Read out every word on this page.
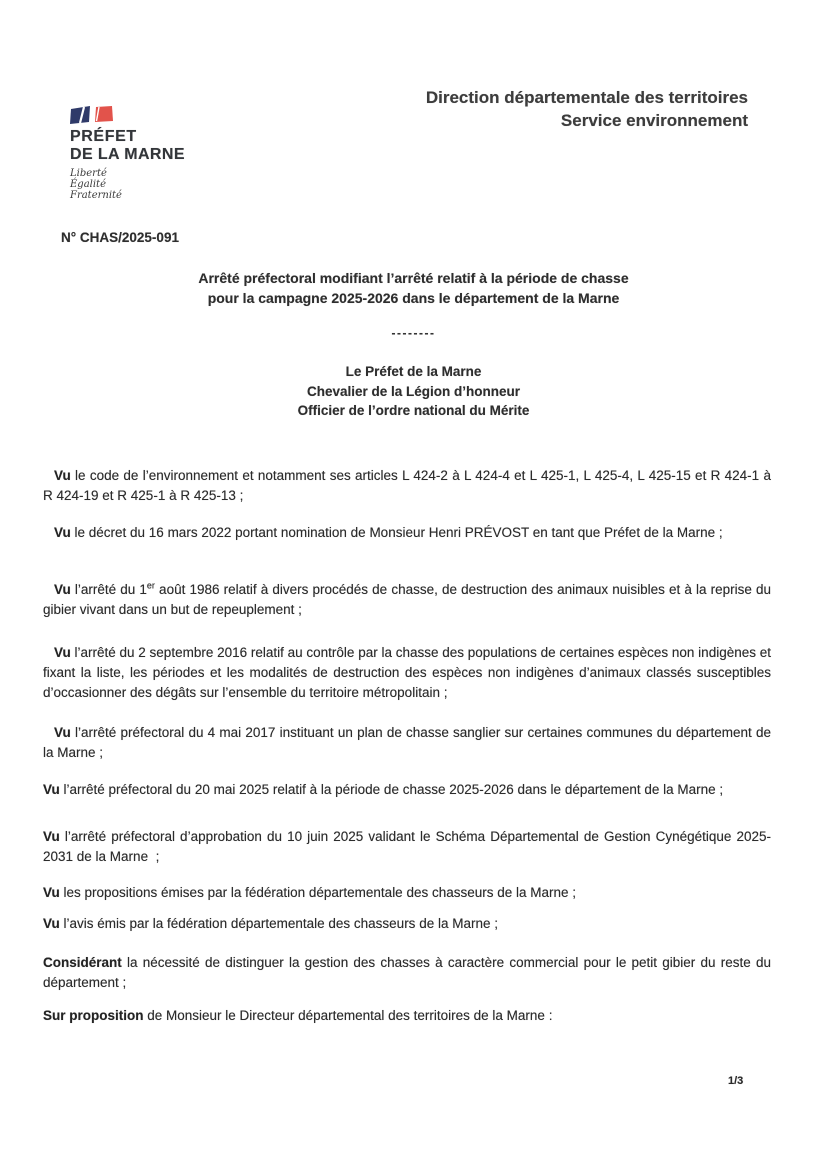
PRÉFET
DE LA MARNE
Liberté
Égalité
Fraternité
Direction départementale des territoires
Service environnement
N° CHAS/2025-091
Arrêté préfectoral modifiant l’arrêté relatif à la période de chasse
pour la campagne 2025-2026 dans le département de la Marne
--------
Le Préfet de la Marne
Chevalier de la Légion d’honneur
Officier de l’ordre national du Mérite

Vu le code de l’environnement et notamment ses articles L 424-2 à L 424-4 et L 425-1, L 425-4, L 425-15 et R 424-1 à R 424-19 et R 425-1 à R 425-13 ;

Vu le décret du 16 mars 2022 portant nomination de Monsieur Henri PRÉVOST en tant que Préfet de la Marne ;

Vu l’arrêté du 1er août 1986 relatif à divers procédés de chasse, de destruction des animaux nuisibles et à la reprise du gibier vivant dans un but de repeuplement ;

Vu l’arrêté du 2 septembre 2016 relatif au contrôle par la chasse des populations de certaines espèces non indigènes et fixant la liste, les périodes et les modalités de destruction des espèces non indigènes d’animaux classés susceptibles d’occasionner des dégâts sur l’ensemble du territoire métropolitain ;

Vu l’arrêté préfectoral du 4 mai 2017 instituant un plan de chasse sanglier sur certaines communes du département de la Marne ;

Vu l’arrêté préfectoral du 20 mai 2025 relatif à la période de chasse 2025-2026 dans le département de la Marne ;

Vu l’arrêté préfectoral d’approbation du 10 juin 2025 validant le Schéma Départemental de Gestion Cynégétique 2025-2031 de la Marne  ;

Vu les propositions émises par la fédération départementale des chasseurs de la Marne ;

Vu l’avis émis par la fédération départementale des chasseurs de la Marne ;

Considérant la nécessité de distinguer la gestion des chasses à caractère commercial pour le petit gibier du reste du département ;

Sur proposition de Monsieur le Directeur départemental des territoires de la Marne :

1/3
